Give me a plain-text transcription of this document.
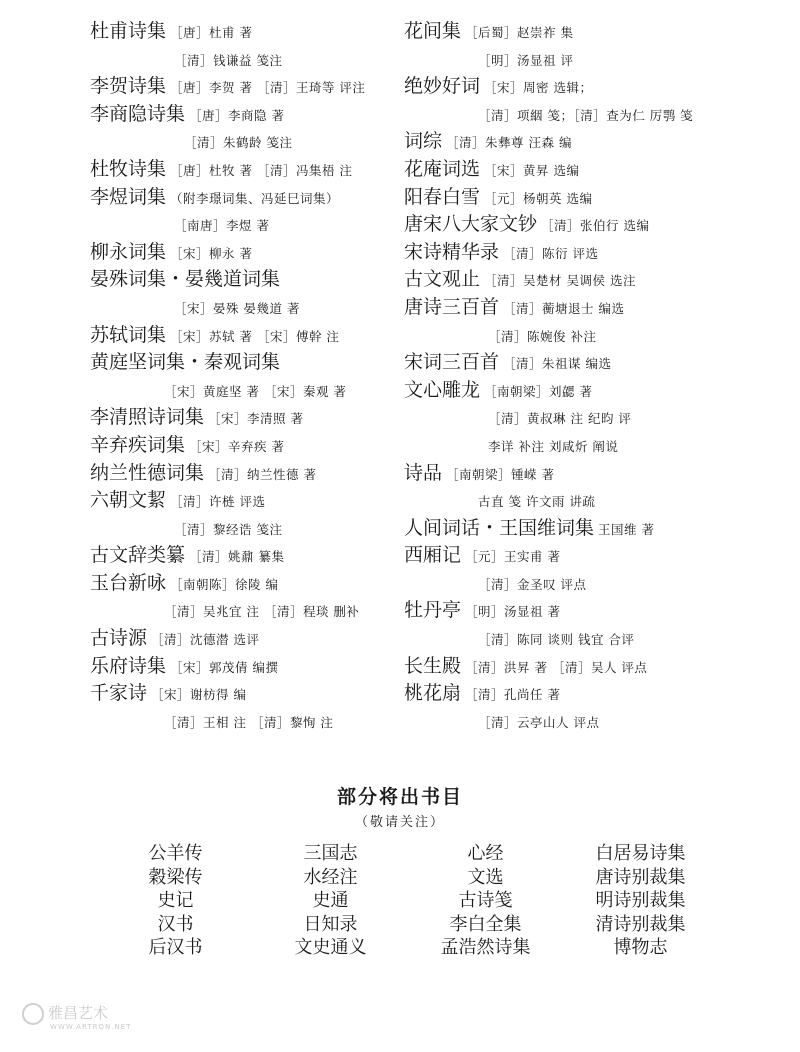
杜甫诗集 ［唐］杜甫 著
［清］钱谦益 笺注
李贺诗集 ［唐］李贺 著 ［清］王琦等 评注
李商隐诗集 ［唐］李商隐 著
［清］朱鹤龄 笺注
杜牧诗集 ［唐］杜牧 著 ［清］冯集梧 注
李煜词集 （附李璟词集、冯延巳词集）
［南唐］李煜 著
柳永词集 ［宋］柳永 著
晏殊词集・晏幾道词集
［宋］晏殊 晏幾道 著
苏轼词集 ［宋］苏轼 著 ［宋］傅幹 注
黄庭坚词集・秦观词集
［宋］黄庭坚 著 ［宋］秦观 著
李清照诗词集 ［宋］李清照 著
辛弃疾词集 ［宋］辛弃疾 著
纳兰性德词集 ［清］纳兰性德 著
六朝文絜 ［清］许梿 评选
［清］黎经诰 笺注
古文辞类纂 ［清］姚鼐 纂集
玉台新咏 ［南朝陈］徐陵 编
［清］吴兆宜 注 ［清］程琰 删补
古诗源 ［清］沈德潜 选评
乐府诗集 ［宋］郭茂倩 编撰
千家诗 ［宋］谢枋得 编
［清］王相 注 ［清］黎恂 注
花间集 ［后蜀］赵崇祚 集
［明］汤显祖 评
绝妙好词 ［宋］周密 选辑；
［清］项絪 笺；［清］查为仁 厉鹗 笺
词综 ［清］朱彝尊 汪森 编
花庵词选 ［宋］黄昇 选编
阳春白雪 ［元］杨朝英 选编
唐宋八大家文钞 ［清］张伯行 选编
宋诗精华录 ［清］陈衍 评选
古文观止 ［清］吴楚材 吴调侯 选注
唐诗三百首 ［清］蘅塘退士 编选
［清］陈婉俊 补注
宋词三百首 ［清］朱祖谋 编选
文心雕龙 ［南朝梁］刘勰 著
［清］黄叔琳 注 纪昀 评
李详 补注 刘咸炘 阐说
诗品 ［南朝梁］锺嵘 著
古直 笺 许文雨 讲疏
人间词话・王国维词集 王国维 著
西厢记 ［元］王实甫 著
［清］金圣叹 评点
牡丹亭 ［明］汤显祖 著
［清］陈同 谈则 钱宜 合评
长生殿 ［清］洪昇 著 ［清］吴人 评点
桃花扇 ［清］孔尚任 著
［清］云亭山人 评点
部分将出书目
（敬请关注）
公羊传	三国志	心经	白居易诗集
穀梁传	水经注	文选	唐诗别裁集
史记	史通	古诗笺	明诗别裁集
汉书	日知录	李白全集	清诗别裁集
后汉书	文史通义	孟浩然诗集	博物志
雅昌艺术
WWW.ARTRON.NET
